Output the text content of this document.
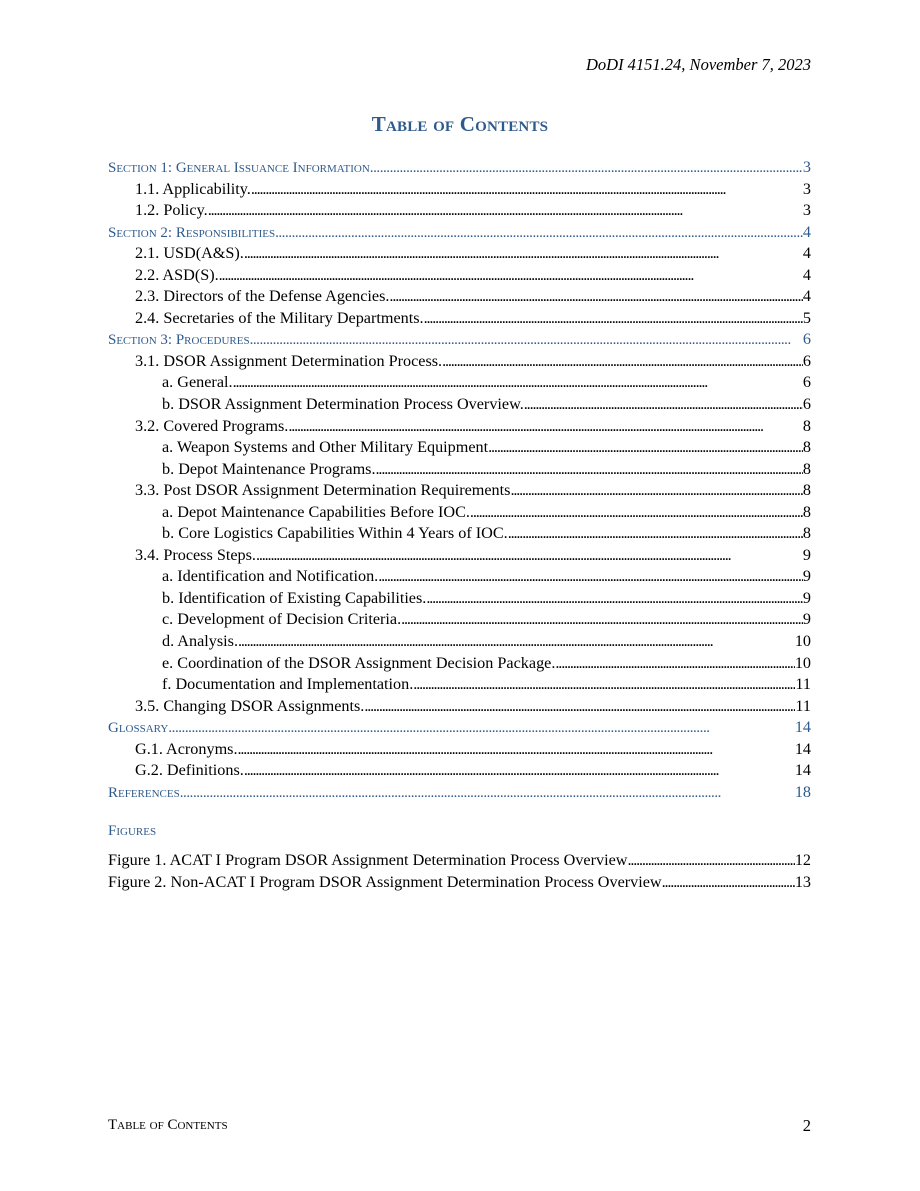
DoDI 4151.24, November 7, 2023
Table of Contents
Section 1: General Issuance Information . . .	3
1.1. Applicability. . . .	3
1.2. Policy. . . .	3
Section 2: Responsibilities . . .	4
2.1. USD(A&S). . . .	4
2.2. ASD(S). . . .	4
2.3. Directors of the Defense Agencies. . . .	4
2.4. Secretaries of the Military Departments. . . .	5
Section 3: Procedures . . .	6
3.1. DSOR Assignment Determination Process. . . .	6
a. General. . . .	6
b. DSOR Assignment Determination Process Overview. . . .	6
3.2. Covered Programs. . . .	8
a. Weapon Systems and Other Military Equipment . . .	8
b. Depot Maintenance Programs. . . .	8
3.3. Post DSOR Assignment Determination Requirements . . .	8
a. Depot Maintenance Capabilities Before IOC. . . .	8
b. Core Logistics Capabilities Within 4 Years of IOC. . . .	8
3.4. Process Steps. . . .	9
a. Identification and Notification. . . .	9
b. Identification of Existing Capabilities. . . .	9
c. Development of Decision Criteria. . . .	9
d. Analysis. . . .	10
e. Coordination of the DSOR Assignment Decision Package. . . .	10
f. Documentation and Implementation. . . .	11
3.5. Changing DSOR Assignments. . . .	11
Glossary . . .	14
G.1. Acronyms. . . .	14
G.2. Definitions. . . .	14
References . . .	18
Figures
Figure 1. ACAT I Program DSOR Assignment Determination Process Overview . . .	12
Figure 2. Non-ACAT I Program DSOR Assignment Determination Process Overview . . .	13
Table of Contents	2
